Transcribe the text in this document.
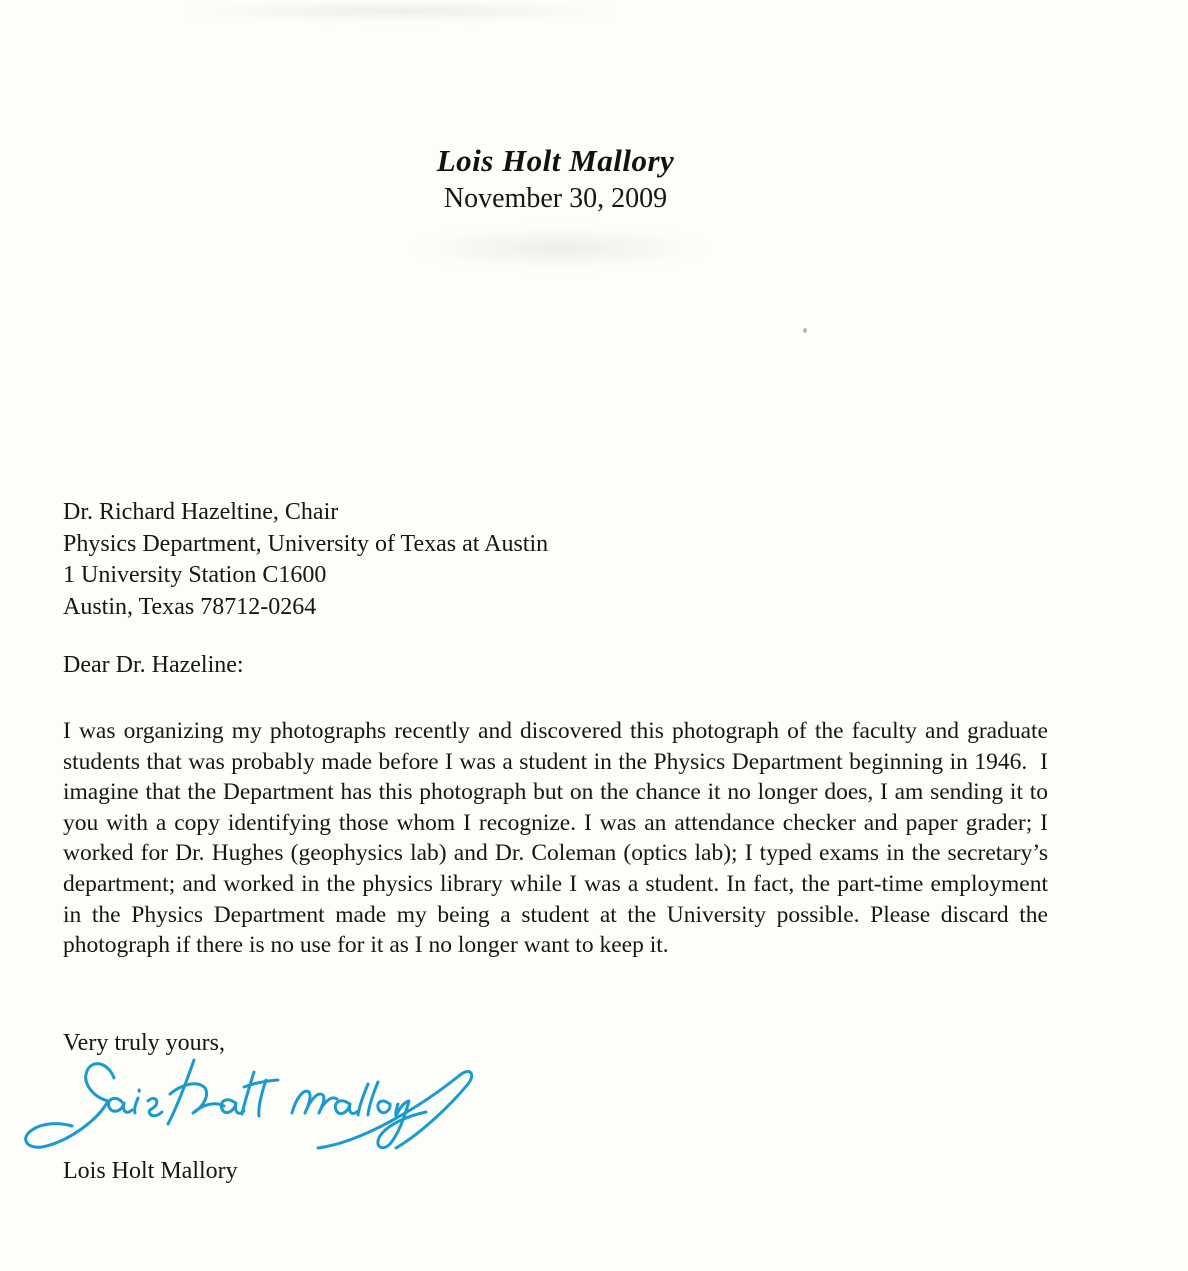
Lois Holt Mallory
November 30, 2009
Dr. Richard Hazeltine, Chair
Physics Department, University of Texas at Austin
1 University Station C1600
Austin, Texas 78712-0264
Dear Dr. Hazeline:
I was organizing my photographs recently and discovered this photograph of the faculty and graduate students that was probably made before I was a student in the Physics Department beginning in 1946.  I imagine that the Department has this photograph but on the chance it no longer does, I am sending it to you with a copy identifying those whom I recognize. I was an attendance checker and paper grader; I worked for Dr. Hughes (geophysics lab) and Dr. Coleman (optics lab); I typed exams in the secretary’s department; and worked in the physics library while I was a student. In fact, the part-time employment in the Physics Department made my being a student at the University possible. Please discard the photograph if there is no use for it as I no longer want to keep it.
Very truly yours,
Lois Holt Mallory
